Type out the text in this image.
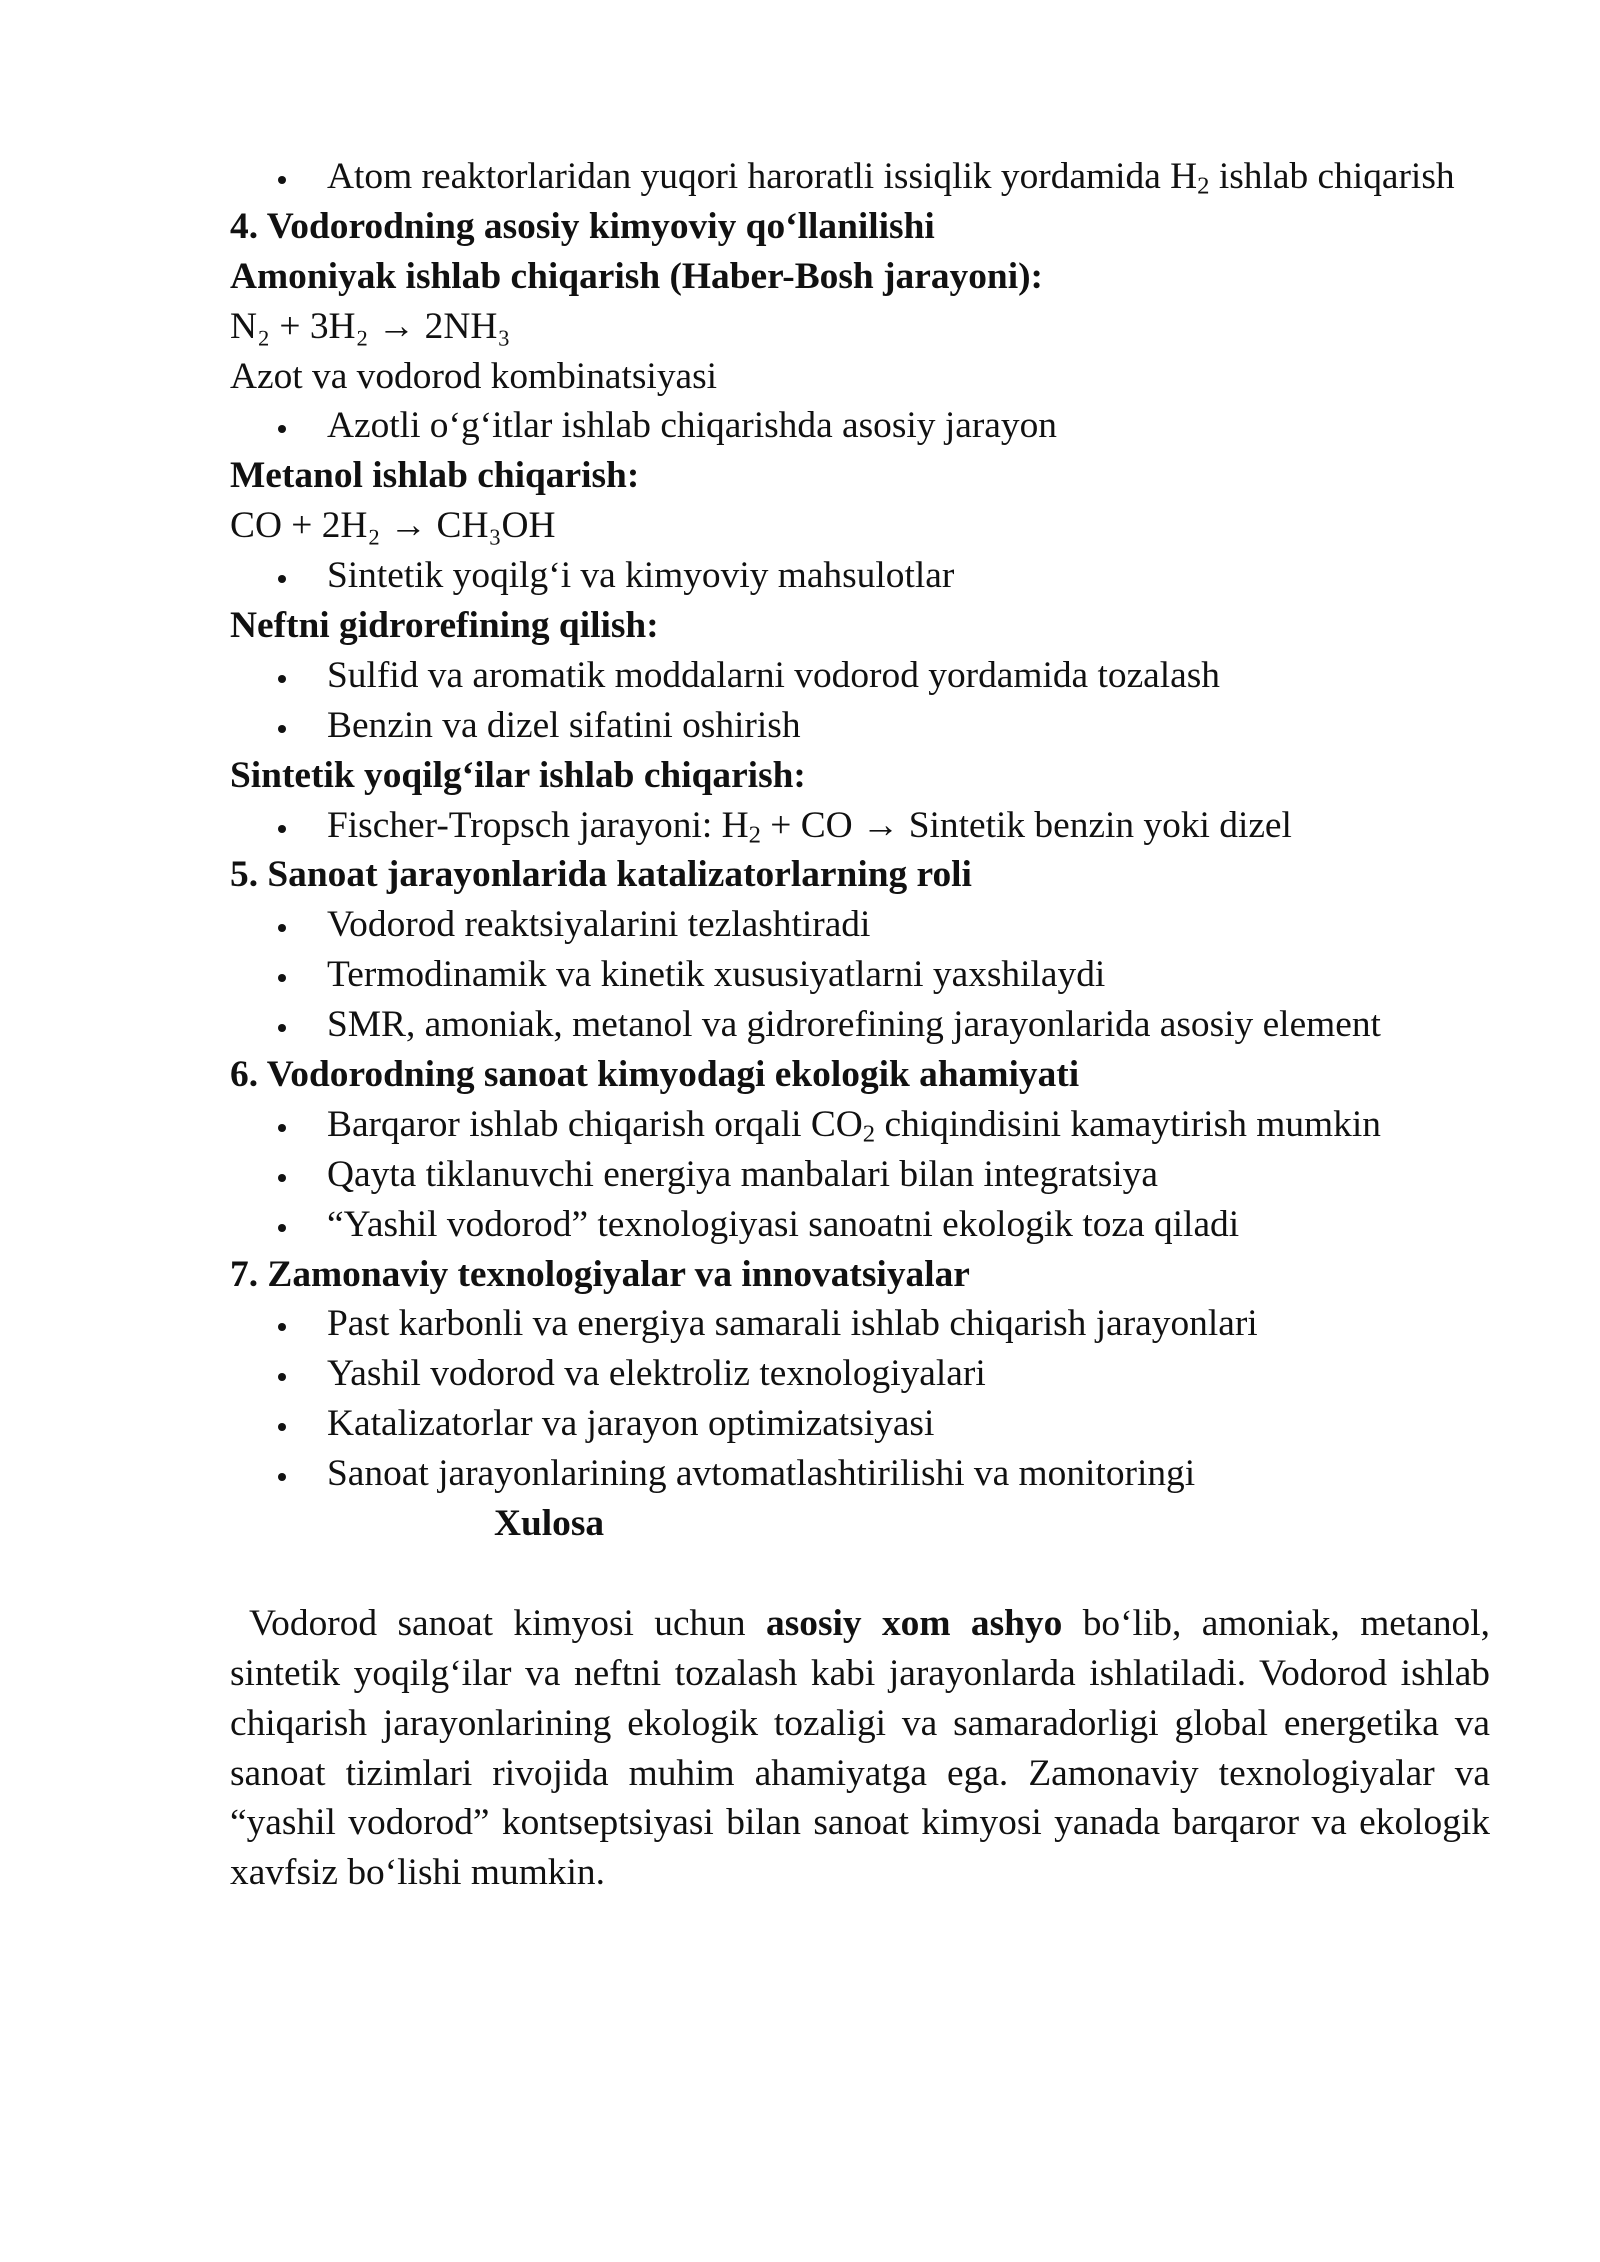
Atom reaktorlaridan yuqori haroratli issiqlik yordamida $H_2$ ishlab chiqarish
4. Vodorodning asosiy kimyoviy qo‘llanilishi
Amoniyak ishlab chiqarish (Haber-Bosh jarayoni):
N₂ + 3H₂ → 2NH₃
Azot va vodorod kombinatsiyasi
Azotli o‘g‘itlar ishlab chiqarishda asosiy jarayon
Metanol ishlab chiqarish:
CO + 2H₂ → CH₃OH
Sintetik yoqilg‘i va kimyoviy mahsulotlar
Neftni gidrorefining qilish:
Sulfid va aromatik moddalarni vodorod yordamida tozalash
Benzin va dizel sifatini oshirish
Sintetik yoqilg‘ilar ishlab chiqarish:
Fischer-Tropsch jarayoni: $H_2$ + CO → Sintetik benzin yoki dizel
5. Sanoat jarayonlarida katalizatorlarning roli
Vodorod reaktsiyalarini tezlashtiradi
Termodinamik va kinetik xususiyatlarni yaxshilaydi
SMR, amoniak, metanol va gidrorefining jarayonlarida asosiy element
6. Vodorodning sanoat kimyodagi ekologik ahamiyati
Barqaror ishlab chiqarish orqali $CO_2$ chiqindisini kamaytirish mumkin
Qayta tiklanuvchi energiya manbalari bilan integratsiya
“Yashil vodorod” texnologiyasi sanoatni ekologik toza qiladi
7. Zamonaviy texnologiyalar va innovatsiyalar
Past karbonli va energiya samarali ishlab chiqarish jarayonlari
Yashil vodorod va elektroliz texnologiyalari
Katalizatorlar va jarayon optimizatsiyasi
Sanoat jarayonlarining avtomatlashtirilishi va monitoringi
Xulosa
Vodorod sanoat kimyosi uchun asosiy xom ashyo bo‘lib, amoniak, metanol,
sintetik yoqilg‘ilar va neftni tozalash kabi jarayonlarda ishlatiladi. Vodorod ishlab
chiqarish jarayonlarining ekologik tozaligi va samaradorligi global energetika va
sanoat tizimlari rivojida muhim ahamiyatga ega. Zamonaviy texnologiyalar va
“yashil vodorod” kontseptsiyasi bilan sanoat kimyosi yanada barqaror va ekologik
xavfsiz bo‘lishi mumkin.
